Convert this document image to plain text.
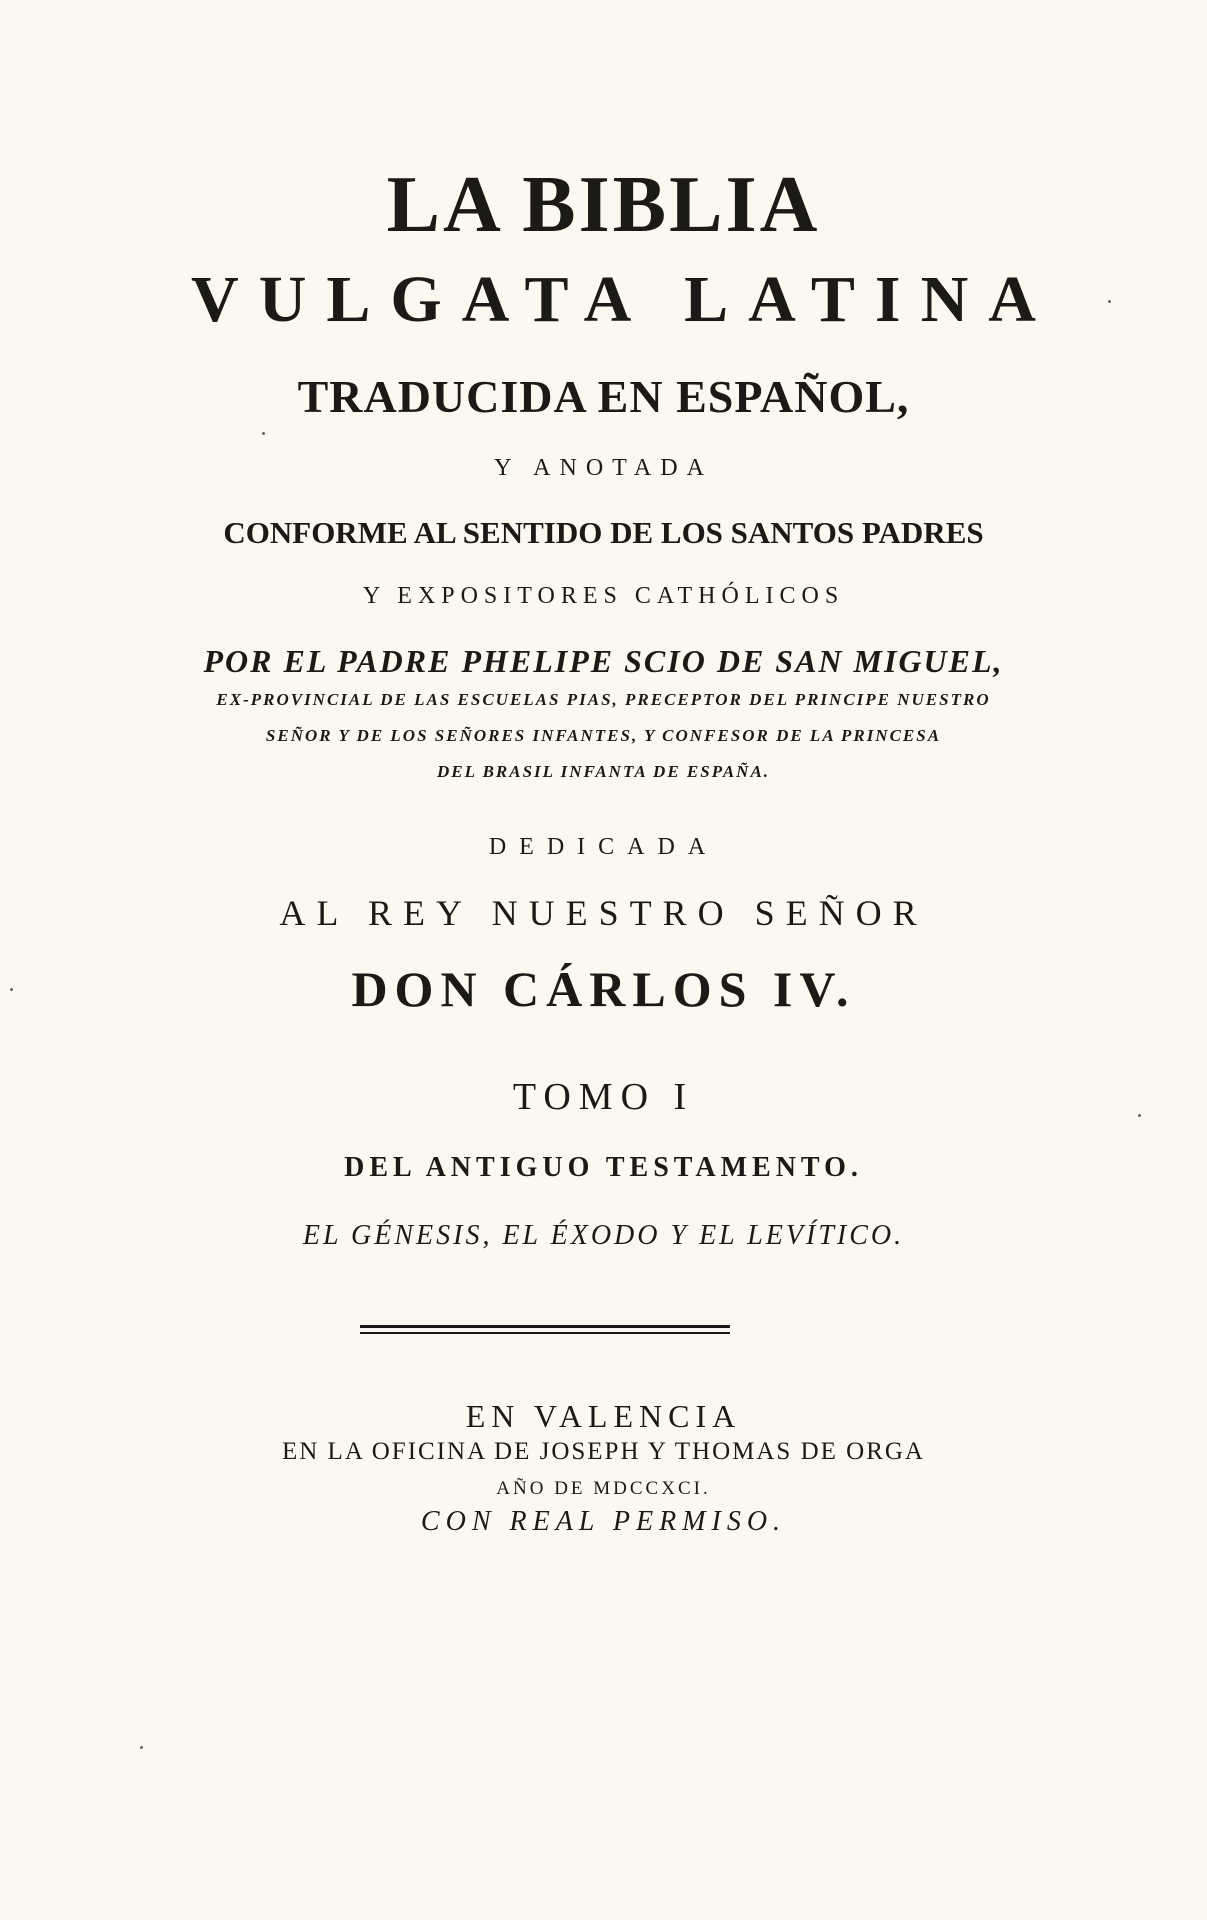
LA BIBLIA
VULGATA LATINA
TRADUCIDA EN ESPAÑOL,
Y ANOTADA
CONFORME AL SENTIDO DE LOS SANTOS PADRES
Y EXPOSITORES CATHÓLICOS
POR EL PADRE PHELIPE SCIO DE SAN MIGUEL,
EX-PROVINCIAL DE LAS ESCUELAS PIAS, PRECEPTOR DEL PRINCIPE NUESTRO
SEÑOR Y DE LOS SEÑORES INFANTES, Y CONFESOR DE LA PRINCESA
DEL BRASIL INFANTA DE ESPAÑA.
DEDICADA
AL REY NUESTRO SEÑOR
DON CÁRLOS IV.
TOMO I
DEL ANTIGUO TESTAMENTO.
EL GÉNESIS, EL ÉXODO Y EL LEVÍTICO.
EN VALENCIA
EN LA OFICINA DE JOSEPH Y THOMAS DE ORGA
AÑO DE MDCCXCI.
CON REAL PERMISO.
